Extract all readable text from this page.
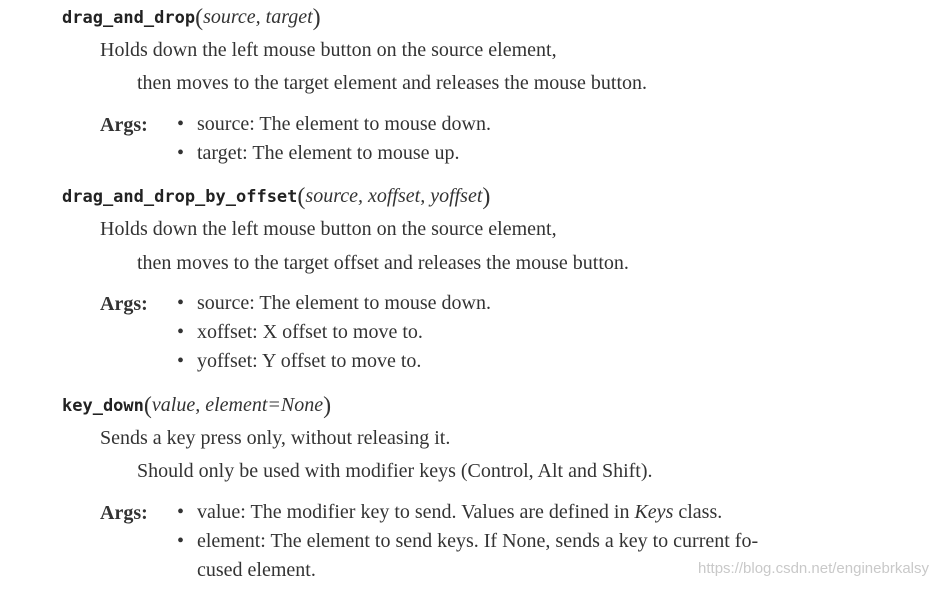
drag_and_drop(source, target)
Holds down the left mouse button on the source element,
then moves to the target element and releases the mouse button.
Args: • source: The element to mouse down.
• target: The element to mouse up.
drag_and_drop_by_offset(source, xoffset, yoffset)
Holds down the left mouse button on the source element,
then moves to the target offset and releases the mouse button.
Args: • source: The element to mouse down.
• xoffset: X offset to move to.
• yoffset: Y offset to move to.
key_down(value, element=None)
Sends a key press only, without releasing it.
Should only be used with modifier keys (Control, Alt and Shift).
Args: • value: The modifier key to send. Values are defined in Keys class.
• element: The element to send keys. If None, sends a key to current fo-
cused element.	https://blog.csdn.net/enginebrkalsy
